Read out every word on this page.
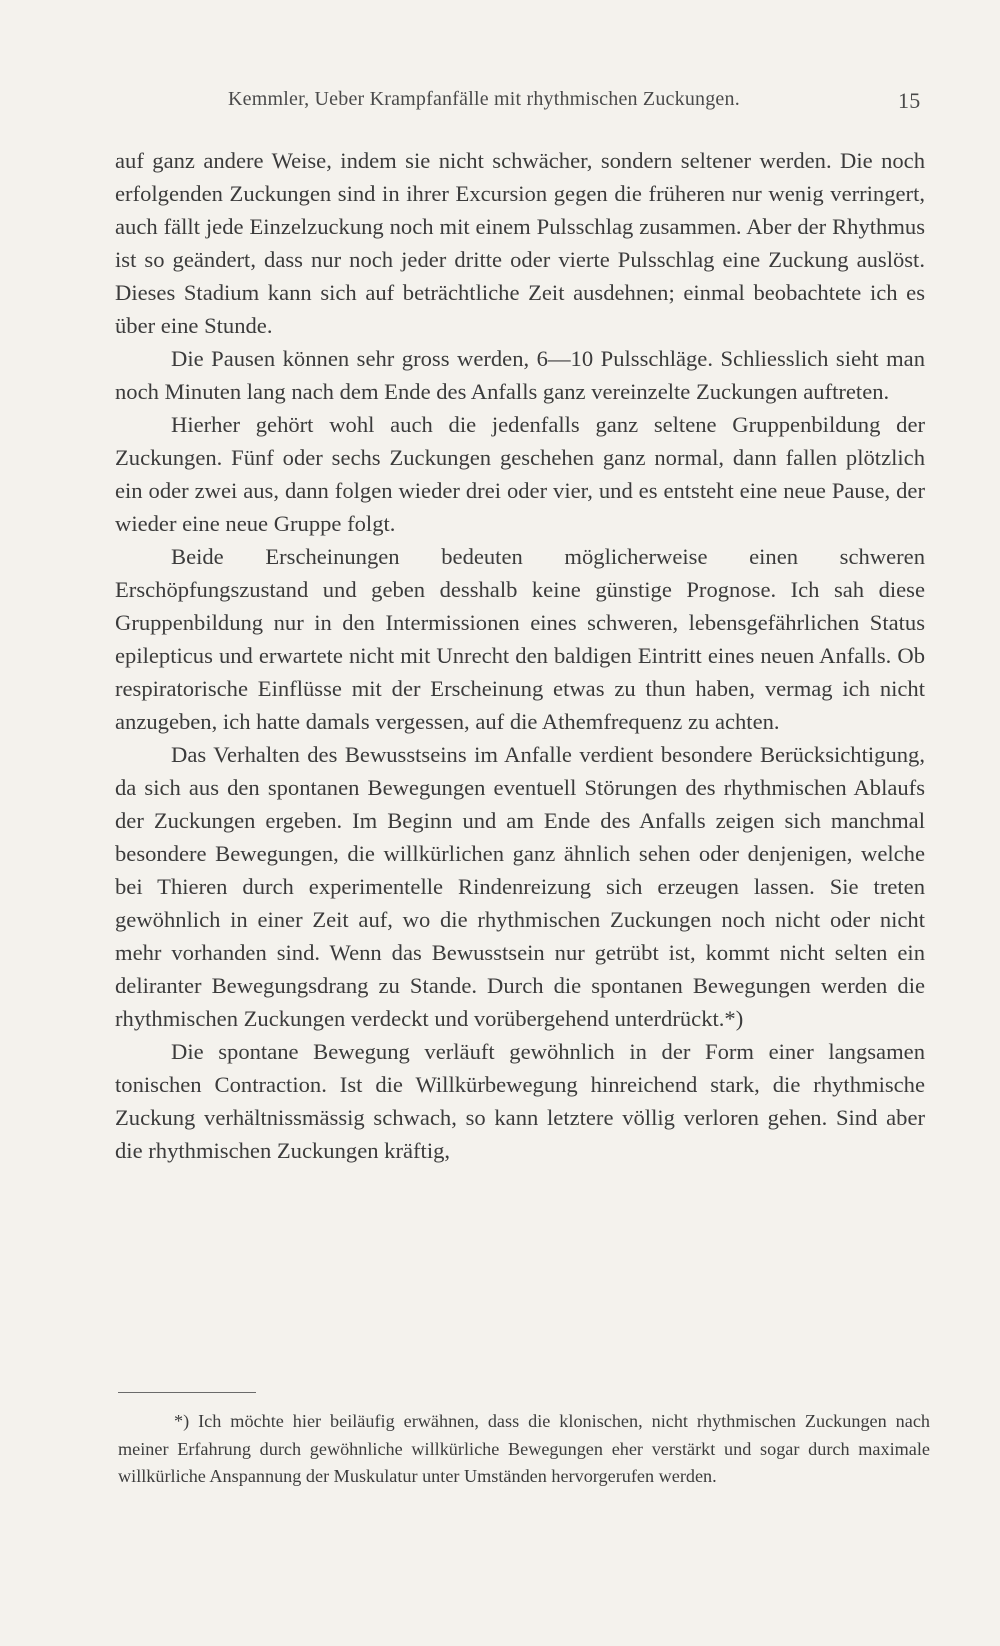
Kemmler, Ueber Krampfanfälle mit rhythmischen Zuckungen.	15

auf ganz andere Weise, indem sie nicht schwächer, sondern seltener werden. Die noch erfolgenden Zuckungen sind in ihrer Excursion gegen die früheren nur wenig verringert, auch fällt jede Einzelzuckung noch mit einem Pulsschlag zusammen. Aber der Rhythmus ist so geändert, dass nur noch jeder dritte oder vierte Pulsschlag eine Zuckung auslöst. Dieses Stadium kann sich auf beträchtliche Zeit ausdehnen; einmal beobachtete ich es über eine Stunde.

Die Pausen können sehr gross werden, 6—10 Pulsschläge. Schliesslich sieht man noch Minuten lang nach dem Ende des Anfalls ganz vereinzelte Zuckungen auftreten.

Hierher gehört wohl auch die jedenfalls ganz seltene Gruppenbildung der Zuckungen. Fünf oder sechs Zuckungen geschehen ganz normal, dann fallen plötzlich ein oder zwei aus, dann folgen wieder drei oder vier, und es entsteht eine neue Pause, der wieder eine neue Gruppe folgt.

Beide Erscheinungen bedeuten möglicherweise einen schweren Erschöpfungszustand und geben desshalb keine günstige Prognose. Ich sah diese Gruppenbildung nur in den Intermissionen eines schweren, lebensgefährlichen Status epilepticus und erwartete nicht mit Unrecht den baldigen Eintritt eines neuen Anfalls. Ob respiratorische Einflüsse mit der Erscheinung etwas zu thun haben, vermag ich nicht anzugeben, ich hatte damals vergessen, auf die Athemfrequenz zu achten.

Das Verhalten des Bewusstseins im Anfalle verdient besondere Berücksichtigung, da sich aus den spontanen Bewegungen eventuell Störungen des rhythmischen Ablaufs der Zuckungen ergeben. Im Beginn und am Ende des Anfalls zeigen sich manchmal besondere Bewegungen, die willkürlichen ganz ähnlich sehen oder denjenigen, welche bei Thieren durch experimentelle Rindenreizung sich erzeugen lassen. Sie treten gewöhnlich in einer Zeit auf, wo die rhythmischen Zuckungen noch nicht oder nicht mehr vorhanden sind. Wenn das Bewusstsein nur getrübt ist, kommt nicht selten ein deliranter Bewegungsdrang zu Stande. Durch die spontanen Bewegungen werden die rhythmischen Zuckungen verdeckt und vorübergehend unterdrückt.*)

Die spontane Bewegung verläuft gewöhnlich in der Form einer langsamen tonischen Contraction. Ist die Willkürbewegung hinreichend stark, die rhythmische Zuckung verhältnissmässig schwach, so kann letztere völlig verloren gehen. Sind aber die rhythmischen Zuckungen kräftig,

*) Ich möchte hier beiläufig erwähnen, dass die klonischen, nicht rhythmischen Zuckungen nach meiner Erfahrung durch gewöhnliche willkürliche Bewegungen eher verstärkt und sogar durch maximale willkürliche Anspannung der Muskulatur unter Umständen hervorgerufen werden.
